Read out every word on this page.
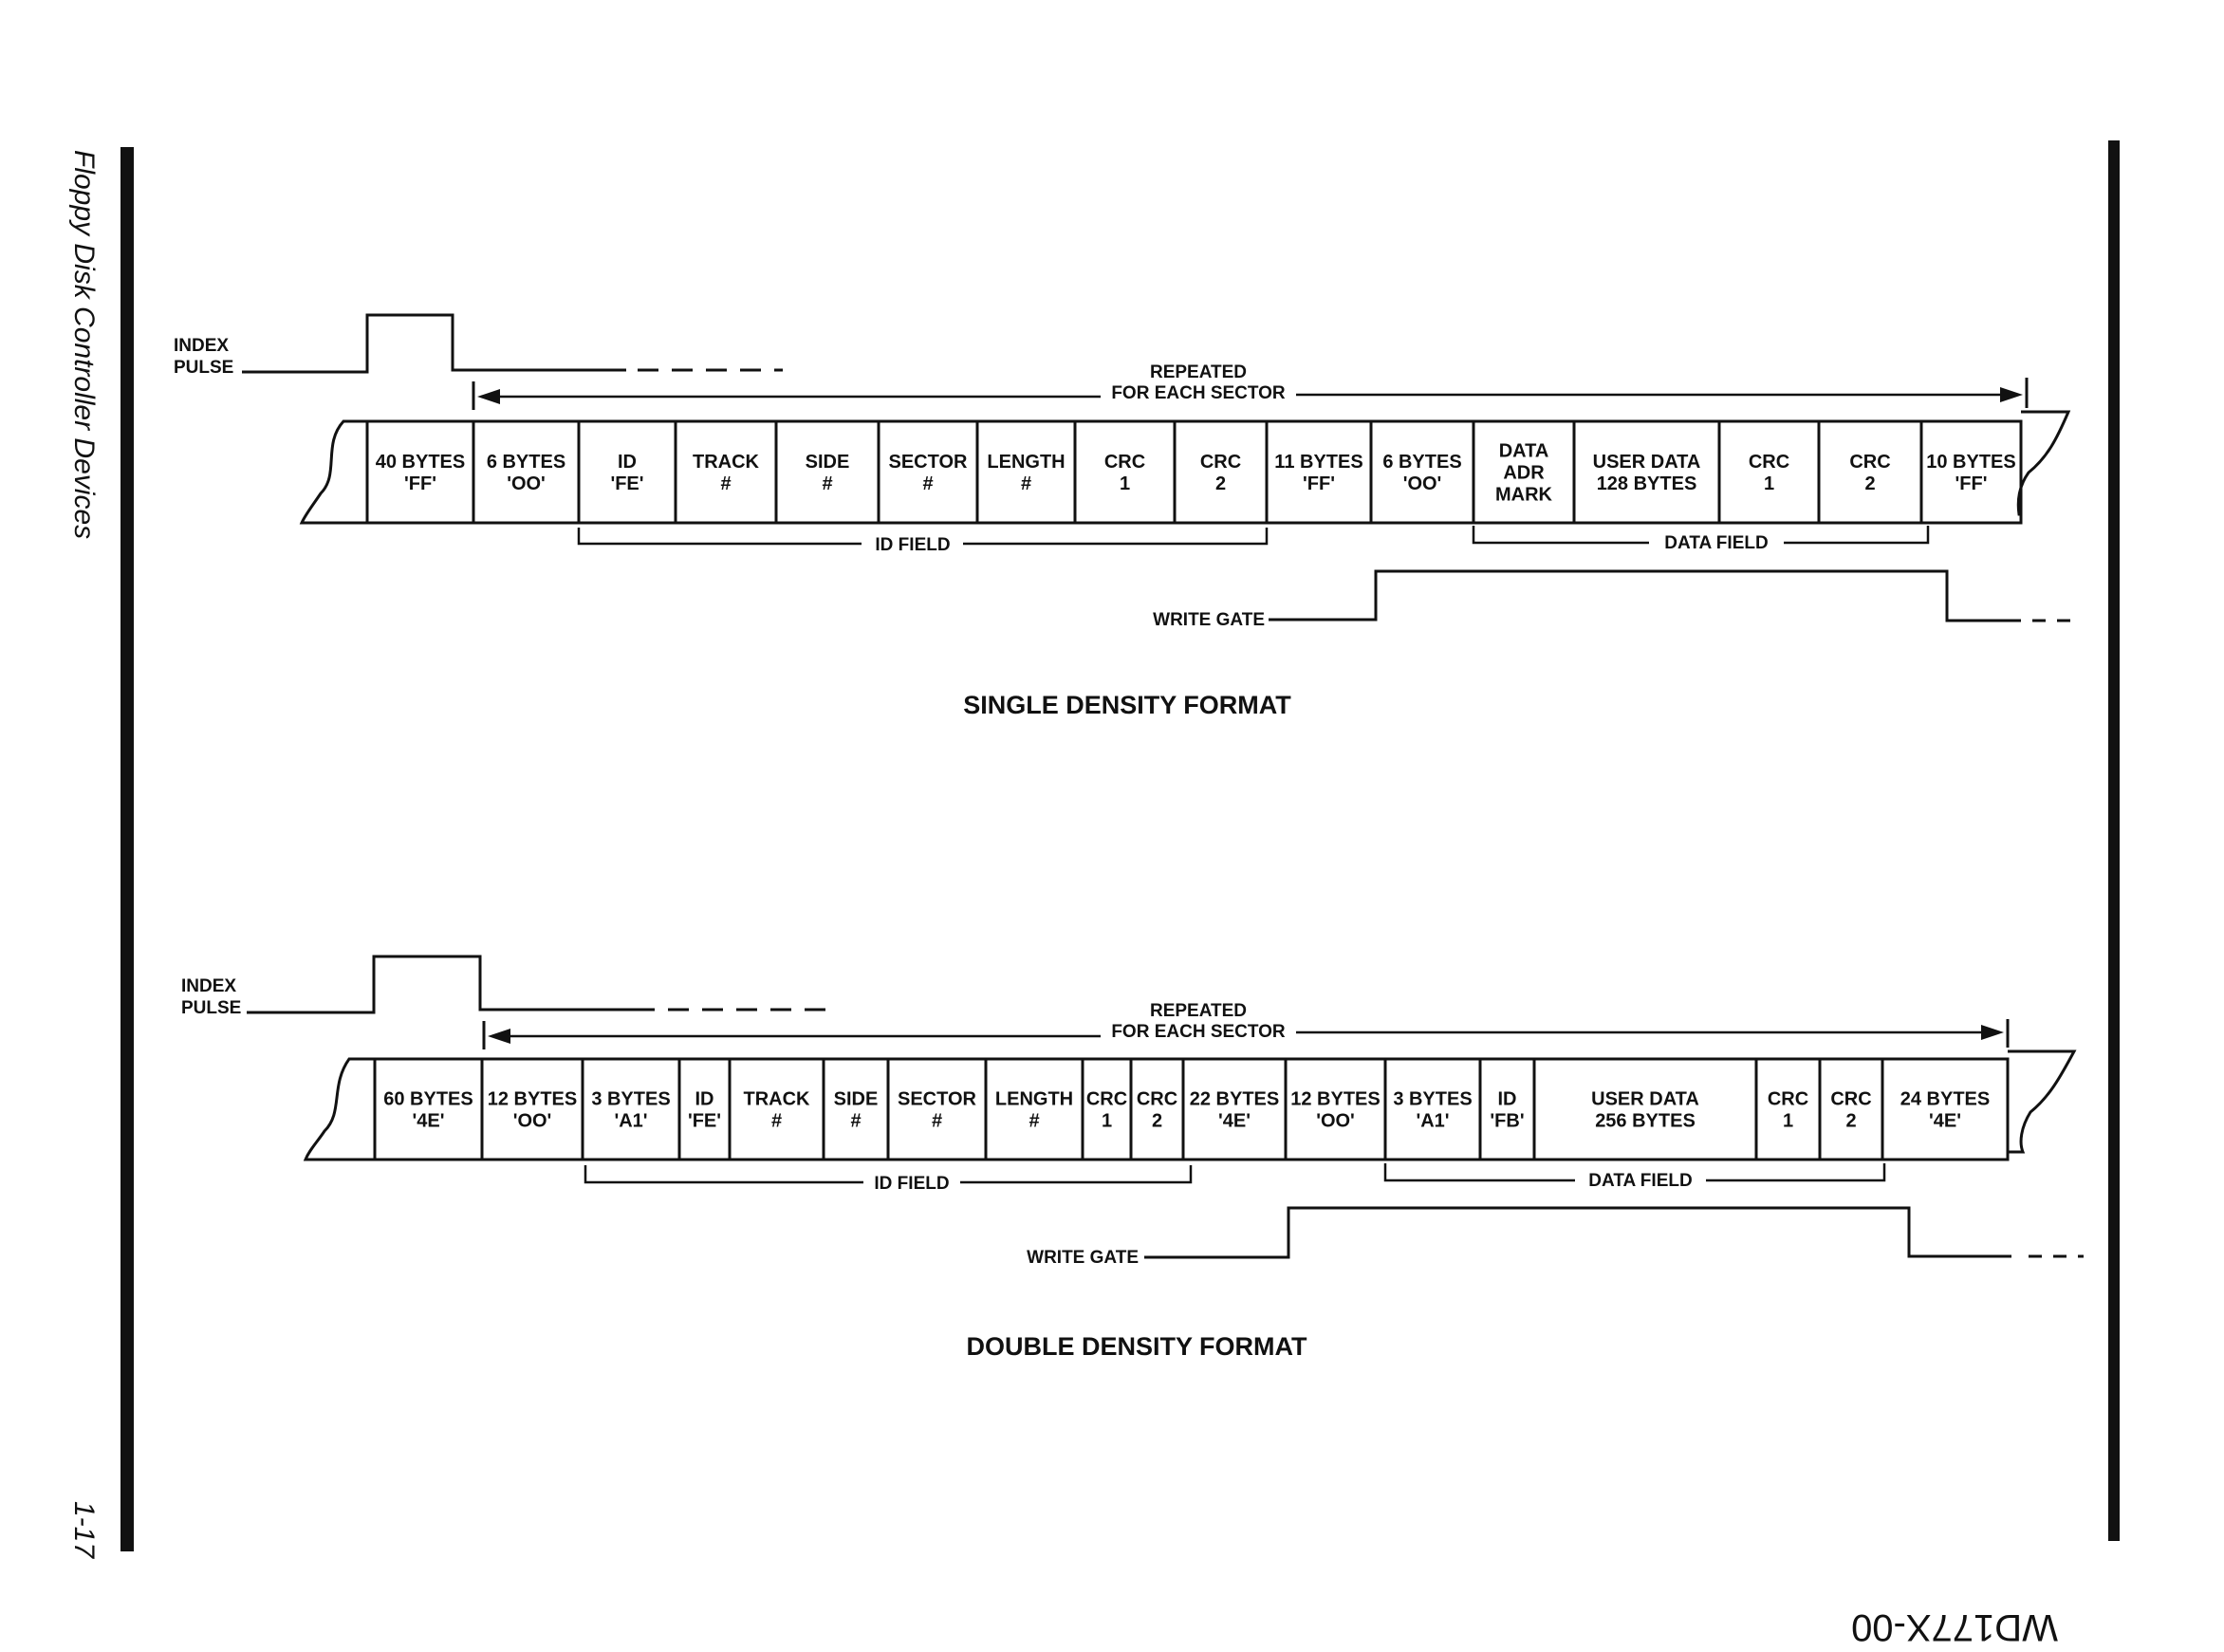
Floppy Disk Controller Devices
1-17
WD177X-00
INDEX
PULSE	REPEATED
FOR EACH SECTOR
40 BYTES
'FF'
6 BYTES
'OO'
ID
'FE'
TRACK
#
SIDE
#
SECTOR
#
LENGTH
#
CRC
1
CRC
2
11 BYTES
'FF'
6 BYTES
'OO'
DATA
ADR
MARK
USER DATA
128 BYTES
CRC
1
CRC
2
10 BYTES
'FF'
ID FIELD	DATA FIELD
WRITE GATE
SINGLE DENSITY FORMAT
INDEX
PULSE	REPEATED
FOR EACH SECTOR
60 BYTES
'4E'
12 BYTES
'OO'
3 BYTES
'A1'
ID
'FE'
TRACK
#
SIDE
#
SECTOR
#
LENGTH
#
CRC
1
CRC
2
22 BYTES
'4E'
12 BYTES
'OO'
3 BYTES
'A1'
ID
'FB'
USER DATA
256 BYTES
CRC
1
CRC
2
24 BYTES
'4E'
ID FIELD	DATA FIELD
WRITE GATE
DOUBLE DENSITY FORMAT
